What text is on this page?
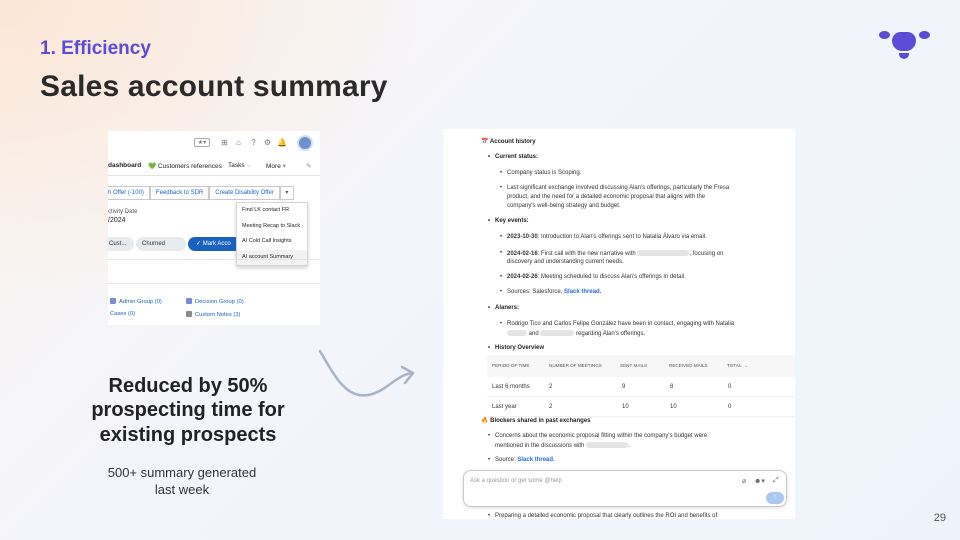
1. Efficiency
Sales account summary
★▾	⊞ ⌂ ? ⚙ 🔔
dashboard 💚 Customers references Tasks ⌵ More ▾	✎
h Offer (-100)	Feedback to SDR	Create Disability Offer	▾
Find LK contact FR
Meeting Recap to Slack
AI Cold Call Insights
AI account Summary
ctivity Date
/2024
Cust...	Churned	✓ Mark Acco
Admin Group (0)	Decision Group (0)
Cases (0)	Custom Notes (3)
Reduced by 50%
prospecting time for
existing prospects
500+ summary generated
last week
📅 Account history
• Current status:
• Company status is Scoping.
• Last significant exchange involved discussing Alan's offerings, particularly the Fresa
product, and the need for a detailed economic proposal that aligns with the
company's well-being strategy and budget.
• Key events:
• 2023-10-30: Introduction to Alan's offerings sent to Natalia Álvaro via email.
• 2024-02-16: First call with the new narrative with	, focusing on
discovery and understanding current needs.
• 2024-02-26: Meeting scheduled to discuss Alan's offerings in detail.
• Sources: Salesforce, Slack thread.
• Alaners:
• Rodrigo Tico and Carlos Felipe González have been in contact, engaging with Natalia
and	regarding Alan's offerings.
• History Overview
PERIOD OF TIME	NUMBER OF MEETINGS	SENT MAILS	RECEIVED MAILS	TOTAL ↔
Last 6 months	2	9	8	0
Last year	2	10	10	0
🔥 Blockers shared in past exchanges
• Concerns about the economic proposal fitting within the company's budget were
mentioned in the discussions with	.
• Source: Slack thread.
Ask a question or get some @help	⌀ ☻▾ ⤢
↑
• Preparing a detailed economic proposal that clearly outlines the ROI and benefits of	29
